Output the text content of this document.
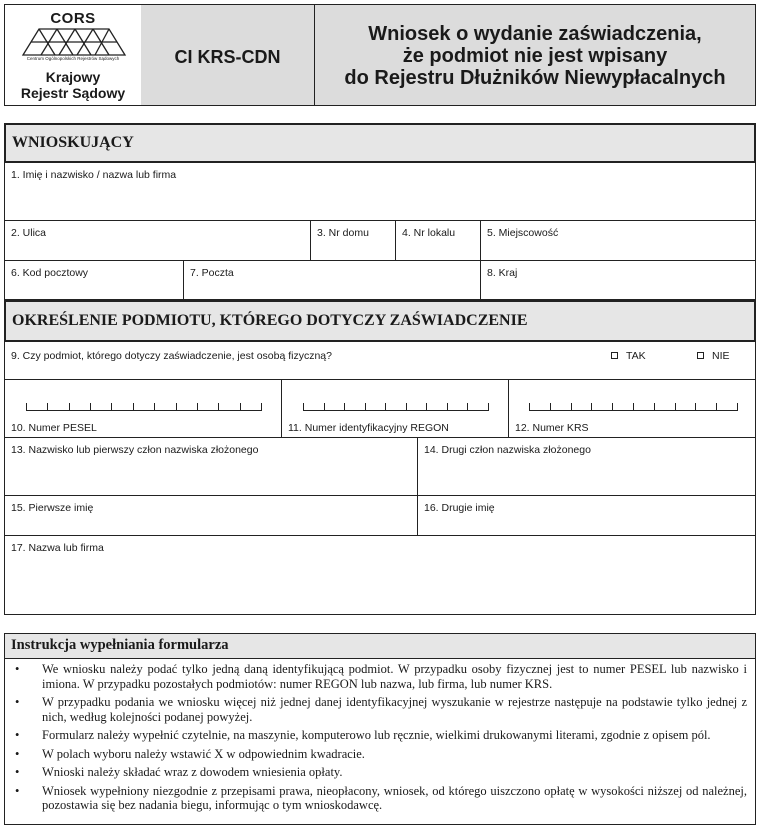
CORS
Centrum Ogólnopolskich Rejestrów Sądowych
Krajowy
Rejestr Sądowy
CI KRS-CDN
Wniosek o wydanie zaświadczenia,
że podmiot nie jest wpisany
do Rejestru Dłużników Niewypłacalnych
WNIOSKUJĄCY
1. Imię i nazwisko / nazwa lub firma
2. Ulica	3. Nr domu	4. Nr lokalu	5. Miejscowość
6. Kod pocztowy	7. Poczta	8. Kraj
OKREŚLENIE PODMIOTU, KTÓREGO DOTYCZY ZAŚWIADCZENIE
9. Czy podmiot, którego dotyczy zaświadczenie, jest osobą fizyczną?	TAK	NIE
10. Numer PESEL	11. Numer identyfikacyjny REGON	12. Numer KRS
13. Nazwisko lub pierwszy człon nazwiska złożonego	14. Drugi człon nazwiska złożonego
15. Pierwsze imię	16. Drugie imię
17. Nazwa lub firma
Instrukcja wypełniania formularza
• We wniosku należy podać tylko jedną daną identyfikującą podmiot. W przypadku osoby fizycznej jest to numer PESEL lub nazwisko i imiona. W przypadku pozostałych podmiotów: numer REGON lub nazwa, lub firma, lub numer KRS.
• W przypadku podania we wniosku więcej niż jednej danej identyfikacyjnej wyszukanie w rejestrze następuje na podstawie tylko jednej z nich, według kolejności podanej powyżej.
• Formularz należy wypełnić czytelnie, na maszynie, komputerowo lub ręcznie, wielkimi drukowanymi literami, zgodnie z opisem pól.
• W polach wyboru należy wstawić X w odpowiednim kwadracie.
• Wnioski należy składać wraz z dowodem wniesienia opłaty.
• Wniosek wypełniony niezgodnie z przepisami prawa, nieopłacony, wniosek, od którego uiszczono opłatę w wysokości niższej od należnej, pozostawia się bez nadania biegu, informując o tym wnioskodawcę.
